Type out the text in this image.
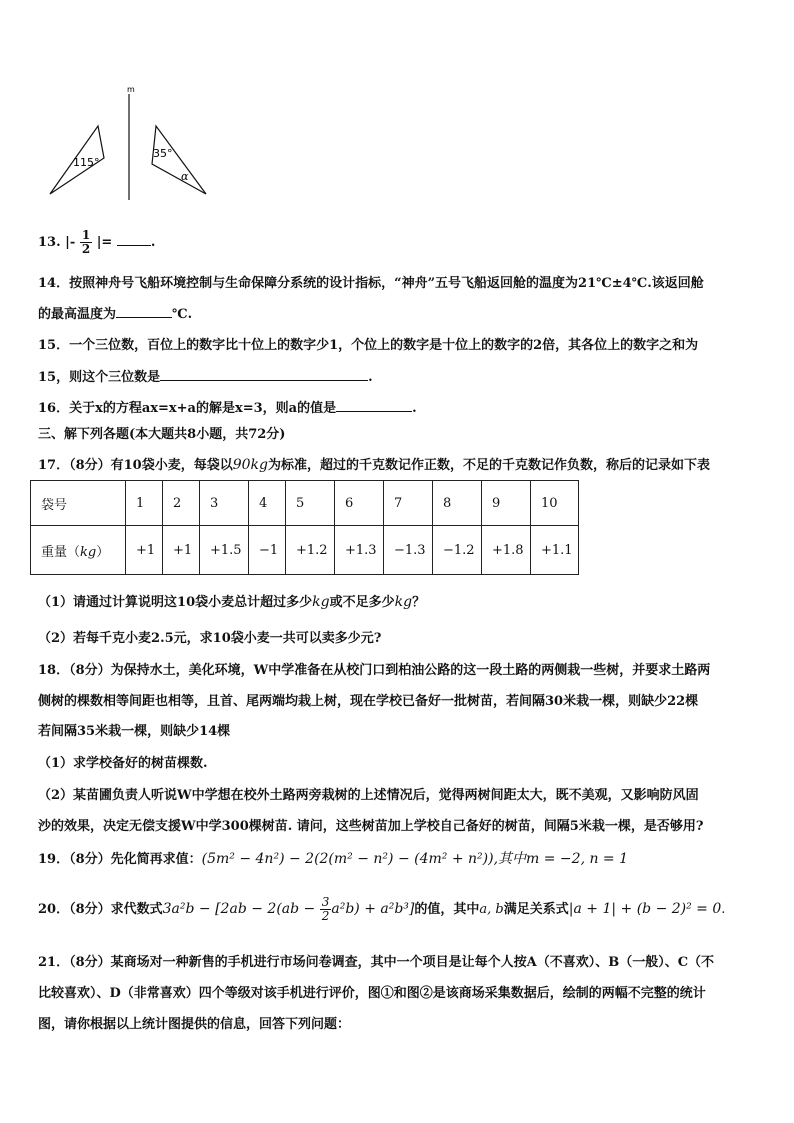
m
115°
35°
α
13. |- $\frac{1}{2}$ |=	.
14．按照神舟号飞船环境控制与生命保障分系统的设计指标，“神舟”五号飞船返回舱的温度为21℃±4℃.该返回舱
的最高温度为	℃.
15．一个三位数，百位上的数字比十位上的数字少1，个位上的数字是十位上的数字的2倍，其各位上的数字之和为
15，则这个三位数是	.
16．关于x的方程ax=x+a的解是x=3，则a的值是	.
三、解下列各题(本大题共8小题，共72分)
17．（8分）有10袋小麦，每袋以90kg为标准，超过的千克数记作正数，不足的千克数记作负数，称后的记录如下表
袋号	1	2	3	4	5	6	7	8	9	10
重量（kg）	+1	+1	+1.5	−1	+1.2	+1.3	−1.3	−1.2	+1.8	+1.1
（1）请通过计算说明这10袋小麦总计超过多少kg或不足多少kg？
（2）若每千克小麦2.5元，求10袋小麦一共可以卖多少元?
18．（8分）为保持水土，美化环境，W中学准备在从校门口到柏油公路的这一段土路的两侧栽一些树，并要求土路两
侧树的棵数相等间距也相等，且首、尾两端均栽上树，现在学校已备好一批树苗，若间隔30米栽一棵，则缺少22棵
若间隔35米栽一棵，则缺少14棵
（1）求学校备好的树苗棵数.
（2）某苗圃负责人听说W中学想在校外土路两旁栽树的上述情况后，觉得两树间距太大，既不美观，又影响防风固
沙的效果，决定无偿支援W中学300棵树苗. 请问，这些树苗加上学校自己备好的树苗，间隔5米栽一棵，是否够用?
19．（8分）先化简再求值：(5m² − 4n²) − 2(2(m² − n²) − (4m² + n²)),其中m = −2, n = 1
20．（8分）求代数式$3a^2b - [2ab - 2(ab - \frac{3}{2} a^2b) + a^2b^3]$的值，其中a, b满足关系式|a + 1| + (b − 2)² = 0.
21．（8分）某商场对一种新售的手机进行市场问卷调查，其中一个项目是让每个人按A（不喜欢）、B（一般）、C（不
比较喜欢）、D（非常喜欢）四个等级对该手机进行评价，图①和图②是该商场采集数据后，绘制的两幅不完整的统计
图，请你根据以上统计图提供的信息，回答下列问题：
